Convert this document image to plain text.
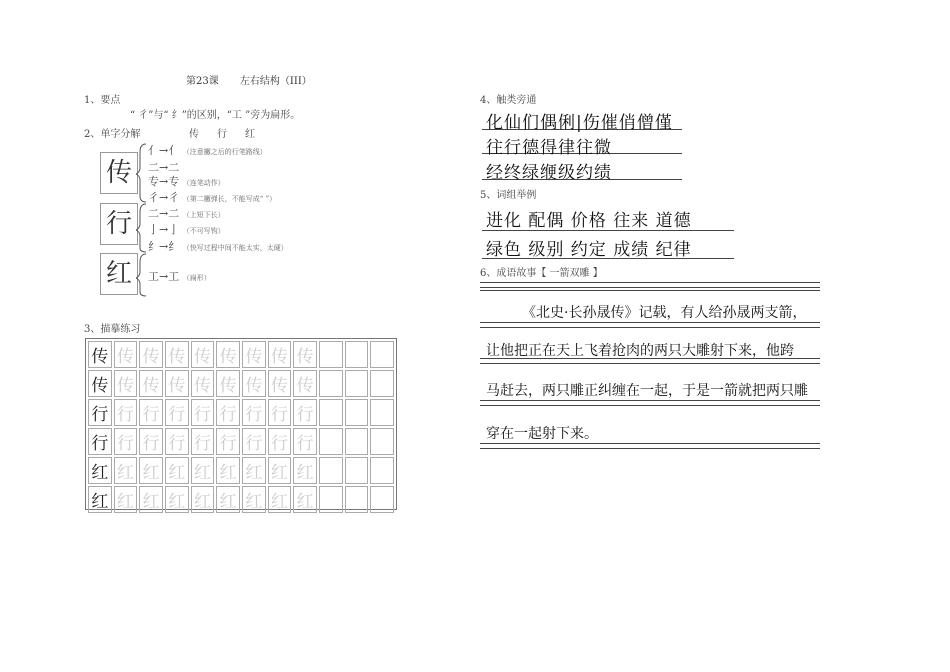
第23课 左右结构（III）
1、要点
“ 彳”与“ 纟”的区别，“工 ”旁为扁形。
2、单字分解	传行红
传
行
红
亻→亻 （注意撇之后的行笔路线）
二→二
专→专 （连笔动作）
彳→彳 （第二撇弹长，不能写成“ ”）
二→二 （上短下长）
亅→亅 （不可写钩）
纟→纟 （快写过程中间不能太实，太硬）
工→工 （扁形）
3、描摹练习
传 传 传 传 传 传 传 传 传
传 传 传 传 传 传 传 传 传
行 行 行 行 行 行 行 行 行
行 行 行 行 行 行 行 行 行
红 红 红 红 红 红 红 红 红
红 红 红 红 红 红 红 红 红
4、触类旁通
化仙们偶俐|伤催俏僧僅
往行德得律往微
经终绿缏级约绩
5、词组举例
进化 配偶 价格 往来 道德
绿色 级别 约定 成绩 纪律
6、成语故事【 一箭双雕 】
《北史·长孙晟传》记载，有人给孙晟两支箭，
让他把正在天上飞着抢肉的两只大雕射下来，他跨
马赶去，两只雕正纠缠在一起，于是一箭就把两只雕
穿在一起射下来。
